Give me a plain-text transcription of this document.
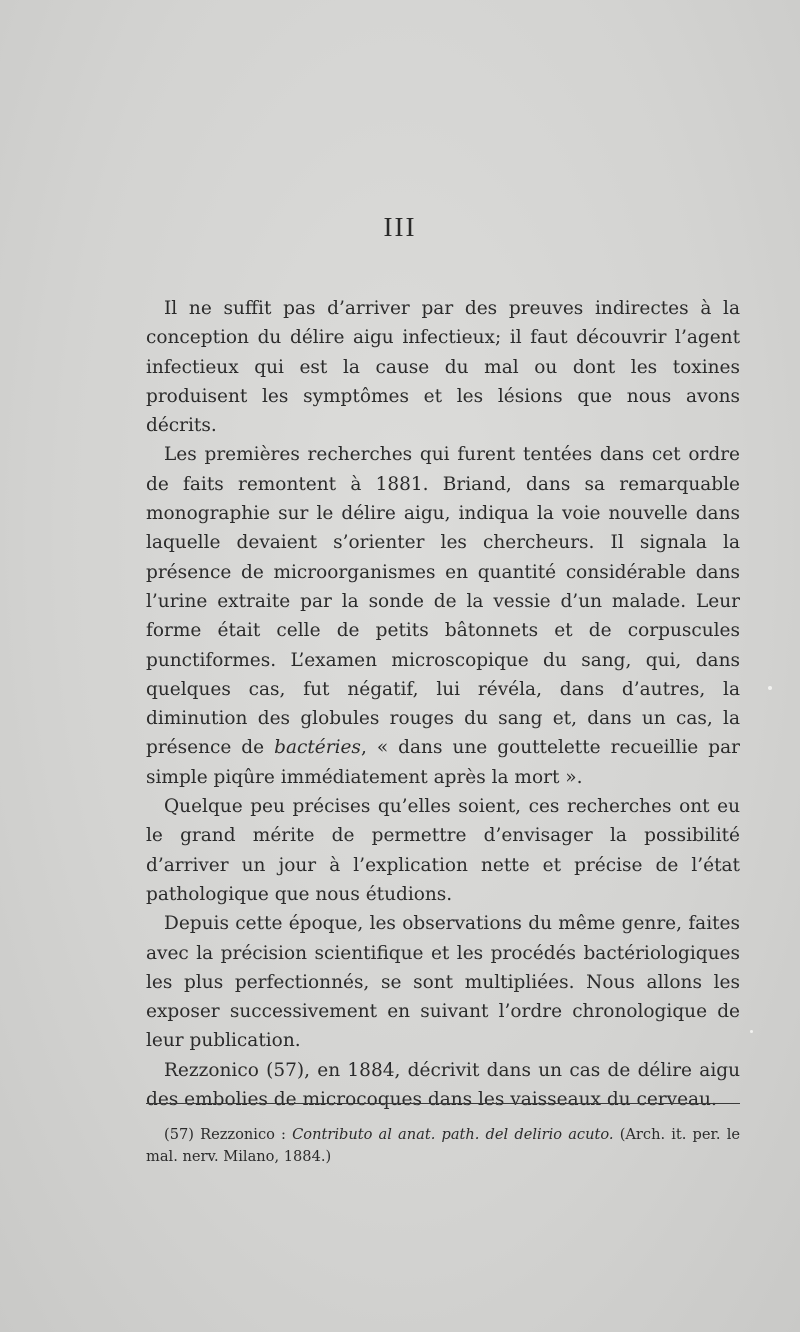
III

Il ne suffit pas d’arriver par des preuves indirectes à la conception du délire aigu infectieux; il faut découvrir l’agent infectieux qui est la cause du mal ou dont les toxines produisent les symptômes et les lésions que nous avons décrits.

Les premières recherches qui furent tentées dans cet ordre de faits remontent à 1881. Briand, dans sa remarquable monographie sur le délire aigu, indiqua la voie nouvelle dans laquelle devaient s’orienter les chercheurs. Il signala la présence de microorganismes en quantité considérable dans l’urine extraite par la sonde de la vessie d’un malade. Leur forme était celle de petits bâtonnets et de corpuscules punctiformes. L’examen microscopique du sang, qui, dans quelques cas, fut négatif, lui révéla, dans d’autres, la diminution des globules rouges du sang et, dans un cas, la présence de bactéries, « dans une gouttelette recueillie par simple piqûre immédiatement après la mort ».

Quelque peu précises qu’elles soient, ces recherches ont eu le grand mérite de permettre d’envisager la possibilité d’arriver un jour à l’explication nette et précise de l’état pathologique que nous étudions.

Depuis cette époque, les observations du même genre, faites avec la précision scientifique et les procédés bactériologiques les plus perfectionnés, se sont multipliées. Nous allons les exposer successivement en suivant l’ordre chronologique de leur publication.

Rezzonico (57), en 1884, décrivit dans un cas de délire aigu des embolies de microcoques dans les vaisseaux du cerveau.

(57) Rezzonico : Contributo al anat. path. del delirio acuto. (Arch. it. per. le mal. nerv. Milano, 1884.)
